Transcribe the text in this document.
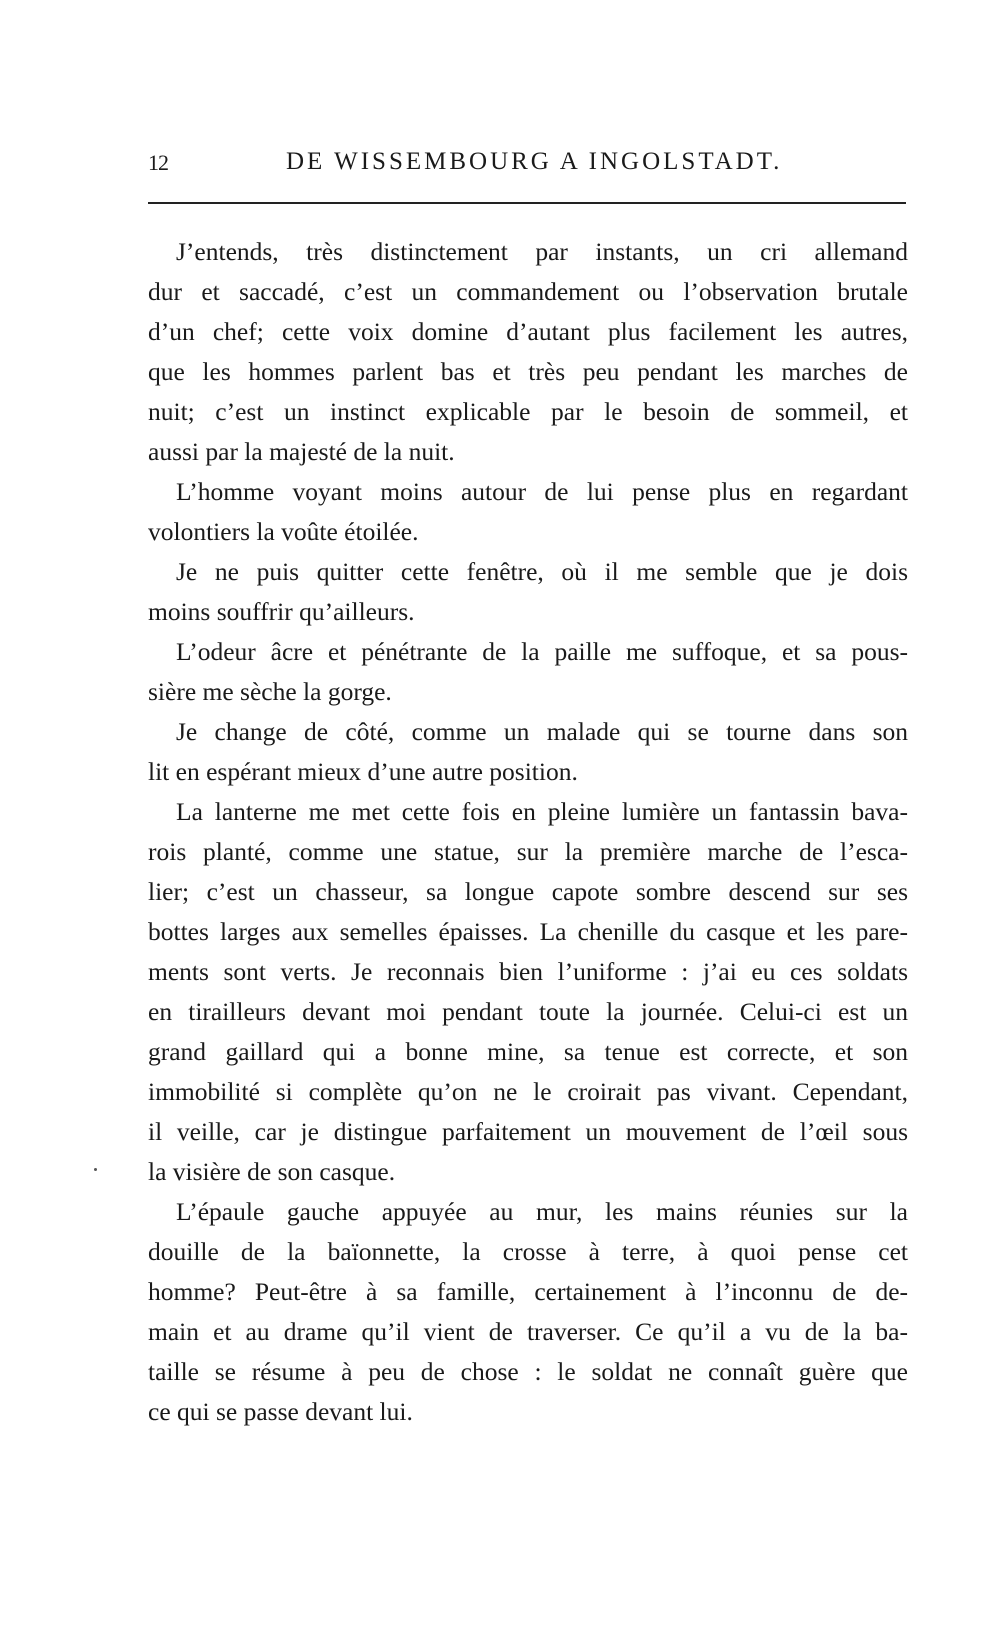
12	DE WISSEMBOURG A INGOLSTADT.
J’entends, très distinctement par instants, un cri allemand
dur et saccadé, c’est un commandement ou l’observation brutale
d’un chef; cette voix domine d’autant plus facilement les autres,
que les hommes parlent bas et très peu pendant les marches de
nuit; c’est un instinct explicable par le besoin de sommeil, et
aussi par la majesté de la nuit.
L’homme voyant moins autour de lui pense plus en regardant
volontiers la voûte étoilée.
Je ne puis quitter cette fenêtre, où il me semble que je dois
moins souffrir qu’ailleurs.
L’odeur âcre et pénétrante de la paille me suffoque, et sa pous-
sière me sèche la gorge.
Je change de côté, comme un malade qui se tourne dans son
lit en espérant mieux d’une autre position.
La lanterne me met cette fois en pleine lumière un fantassin bava-
rois planté, comme une statue, sur la première marche de l’esca-
lier; c’est un chasseur, sa longue capote sombre descend sur ses
bottes larges aux semelles épaisses. La chenille du casque et les pare-
ments sont verts. Je reconnais bien l’uniforme : j’ai eu ces soldats
en tirailleurs devant moi pendant toute la journée. Celui-ci est un
grand gaillard qui a bonne mine, sa tenue est correcte, et son
immobilité si complète qu’on ne le croirait pas vivant. Cependant,
il veille, car je distingue parfaitement un mouvement de l’œil sous
la visière de son casque.
L’épaule gauche appuyée au mur, les mains réunies sur la
douille de la baïonnette, la crosse à terre, à quoi pense cet
homme? Peut-être à sa famille, certainement à l’inconnu de de-
main et au drame qu’il vient de traverser. Ce qu’il a vu de la ba-
taille se résume à peu de chose : le soldat ne connaît guère que
ce qui se passe devant lui.
